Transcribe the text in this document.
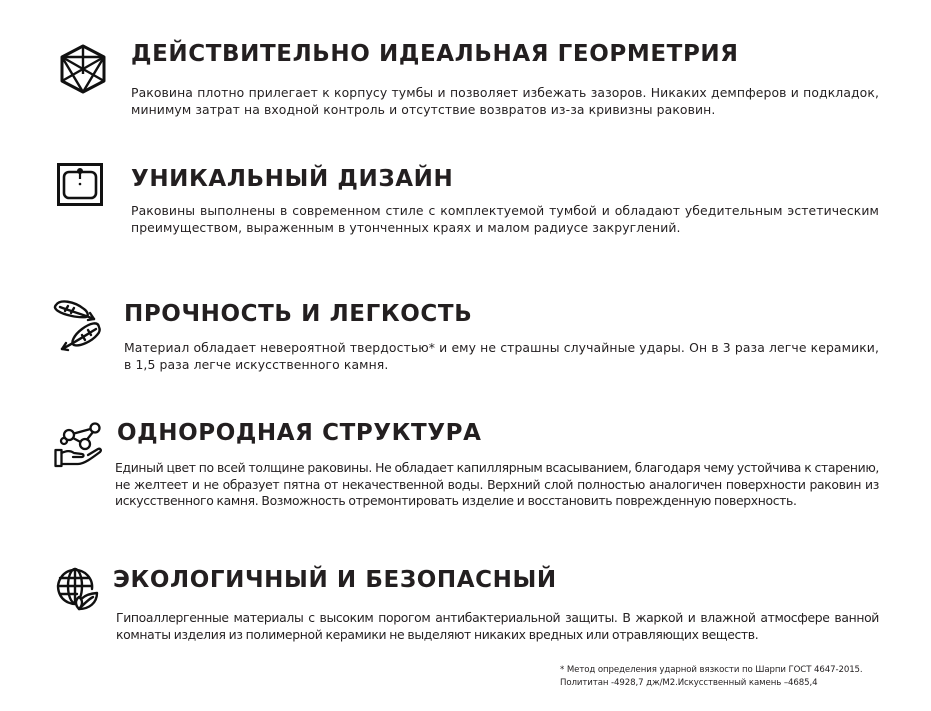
ДЕЙСТВИТЕЛЬНО ИДЕАЛЬНАЯ ГЕОРМЕТРИЯ

Раковина плотно прилегает к корпусу тумбы и позволяет избежать зазоров. Никаких демпферов и подкладок, минимум затрат на входной контроль и отсутствие возвратов из-за кривизны раковин.

УНИКАЛЬНЫЙ ДИЗАЙН

Раковины выполнены в современном стиле с комплектуемой тумбой и обладают убедительным эстетическим преимуществом, выраженным в утонченных краях и малом радиусе закруглений.

ПРОЧНОСТЬ И ЛЕГКОСТЬ

Материал обладает невероятной твердостью* и ему не страшны случайные удары. Он в 3 раза легче керамики, в 1,5 раза легче искусственного камня.

ОДНОРОДНАЯ СТРУКТУРА

Единый цвет по всей толщине раковины. Не обладает капиллярным всасыванием, благодаря чему устойчива к старению, не желтеет и не образует пятна от некачественной воды. Верхний слой полностью аналогичен поверхности раковин из искусственного камня. Возможность отремонтировать изделие и восстановить поврежденную поверхность.

ЭКОЛОГИЧНЫЙ И БЕЗОПАСНЫЙ

Гипоаллергенные материалы с высоким порогом антибактериальной защиты. В жаркой и влажной атмосфере ванной комнаты изделия из полимерной керамики не выделяют никаких вредных или отравляющих веществ.

* Метод определения ударной вязкости по Шарпи ГОСТ 4647-2015.
Полититан -4928,7 дж/М2.Искусственный камень –4685,4
